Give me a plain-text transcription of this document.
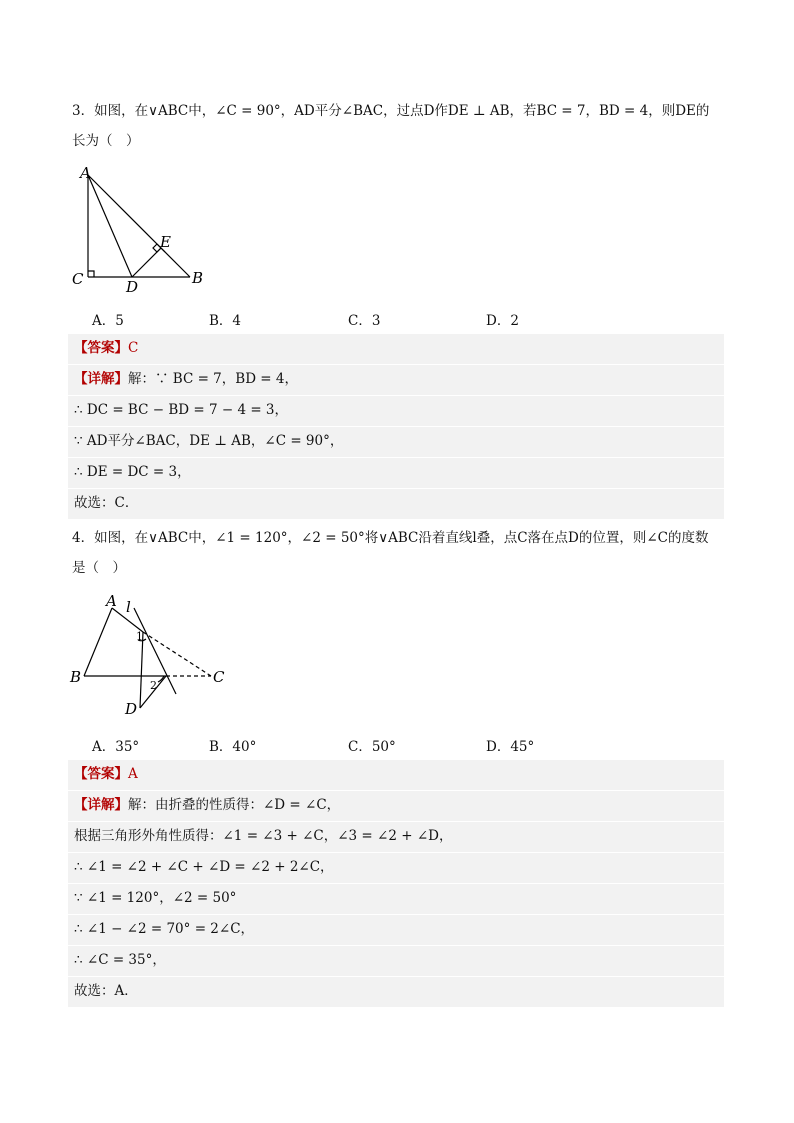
3．如图，在∨ABC中，∠C = 90°，AD平分∠BAC，过点D作DE ⊥ AB，若BC = 7，BD = 4，则DE的
长为（　）
A
E
C	D	B
A．5	B．4	C．3	D．2
【答案】C
【详解】解：∵ BC = 7，BD = 4，
∴ DC = BC − BD = 7 − 4 = 3，
∵ AD平分∠BAC，DE ⊥ AB，∠C = 90°，
∴ DE = DC = 3，
故选：C．
4．如图，在∨ABC中，∠1 = 120°，∠2 = 50°将∨ABC沿着直线l叠，点C落在点D的位置，则∠C的度数
是（　）
A l
B	C
D
1
2
A．35°	B．40°	C．50°	D．45°
【答案】A
【详解】解：由折叠的性质得：∠D = ∠C，
根据三角形外角性质得：∠1 = ∠3 + ∠C，∠3 = ∠2 + ∠D，
∴ ∠1 = ∠2 + ∠C + ∠D = ∠2 + 2∠C，
∵ ∠1 = 120°，∠2 = 50°
∴ ∠1 − ∠2 = 70° = 2∠C，
∴ ∠C = 35°，
故选：A．
